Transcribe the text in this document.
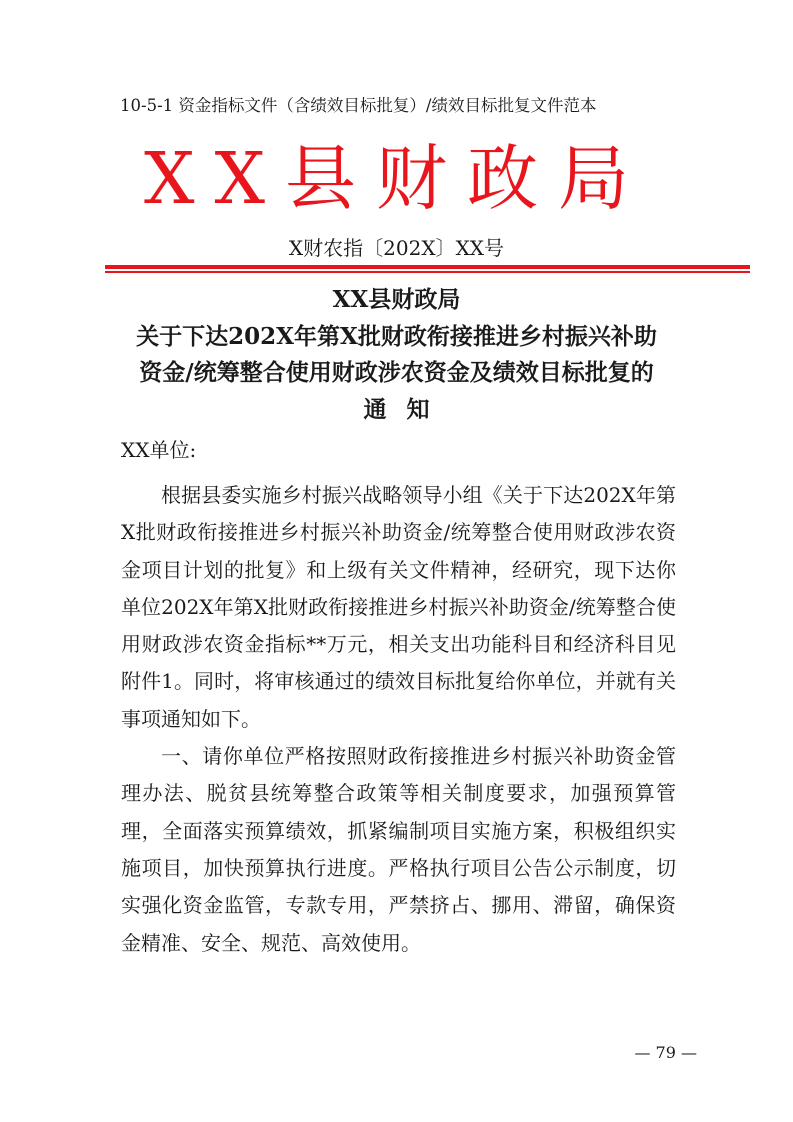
10-5-1 资金指标文件（含绩效目标批复）/绩效目标批复文件范本
XX县财政局
X财农指〔202X〕XX号
XX县财政局
关于下达202X年第X批财政衔接推进乡村振兴补助
资金/统筹整合使用财政涉农资金及绩效目标批复的
通知
XX单位:

根据县委实施乡村振兴战略领导小组《关于下达202X年第X批财政衔接推进乡村振兴补助资金/统筹整合使用财政涉农资金项目计划的批复》和上级有关文件精神，经研究，现下达你单位202X年第X批财政衔接推进乡村振兴补助资金/统筹整合使用财政涉农资金指标**万元，相关支出功能科目和经济科目见附件1。同时，将审核通过的绩效目标批复给你单位，并就有关事项通知如下。

一、请你单位严格按照财政衔接推进乡村振兴补助资金管理办法、脱贫县统筹整合政策等相关制度要求，加强预算管理，全面落实预算绩效，抓紧编制项目实施方案，积极组织实施项目，加快预算执行进度。严格执行项目公告公示制度，切实强化资金监管，专款专用，严禁挤占、挪用、滞留，确保资金精准、安全、规范、高效使用。

— 79 —
